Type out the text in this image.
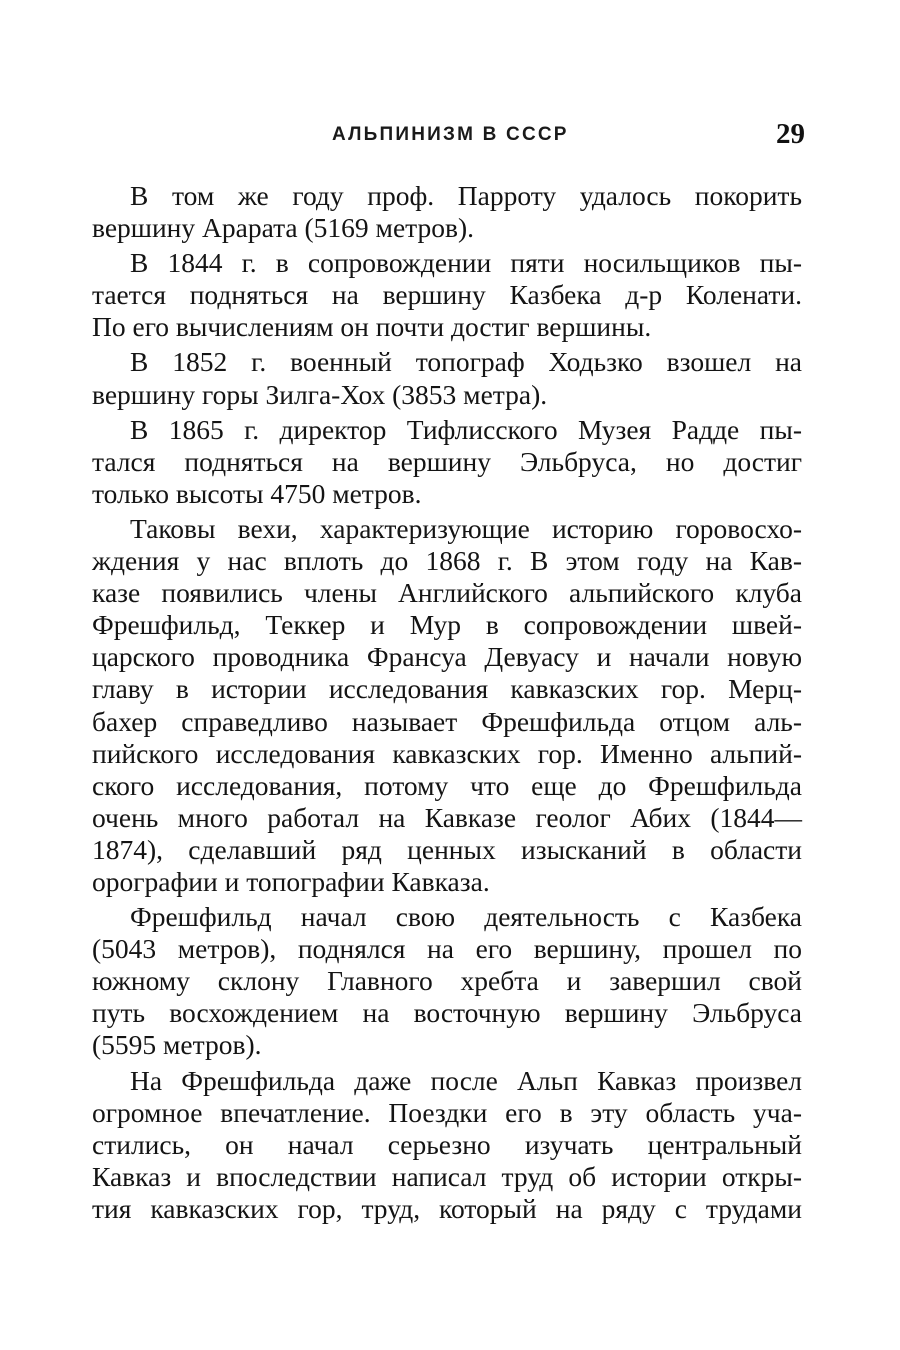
АЛЬПИНИЗМ В СССР	29
В том же году проф. Парроту удалось покорить
вершину Арарата (5169 метров).
В 1844 г. в сопровождении пяти носильщиков пы-
тается подняться на вершину Казбека д-р Коленати.
По его вычислениям он почти достиг вершины.
В 1852 г. военный топограф Ходьзко взошел на
вершину горы Зилга-Хох (3853 метра).
В 1865 г. директор Тифлисского Музея Радде пы-
тался подняться на вершину Эльбруса, но достиг
только высоты 4750 метров.
Таковы вехи, характеризующие историю горовосхо-
ждения у нас вплоть до 1868 г. В этом году на Кав-
казе появились члены Английского альпийского клуба
Фрешфильд, Теккер и Мур в сопровождении швей-
царского проводника Франсуа Девуасу и начали новую
главу в истории исследования кавказских гор. Мерц-
бахер справедливо называет Фрешфильда отцом аль-
пийского исследования кавказских гор. Именно альпий-
ского исследования, потому что еще до Фрешфильда
очень много работал на Кавказе геолог Абих (1844—
1874), сделавший ряд ценных изысканий в области
орографии и топографии Кавказа.
Фрешфильд начал свою деятельность с Казбека
(5043 метров), поднялся на его вершину, прошел по
южному склону Главного хребта и завершил свой
путь восхождением на восточную вершину Эльбруса
(5595 метров).
На Фрешфильда даже после Альп Кавказ произвел
огромное впечатление. Поездки его в эту область уча-
стились, он начал серьезно изучать центральный
Кавказ и впоследствии написал труд об истории откры-
тия кавказских гор, труд, который на ряду с трудами
